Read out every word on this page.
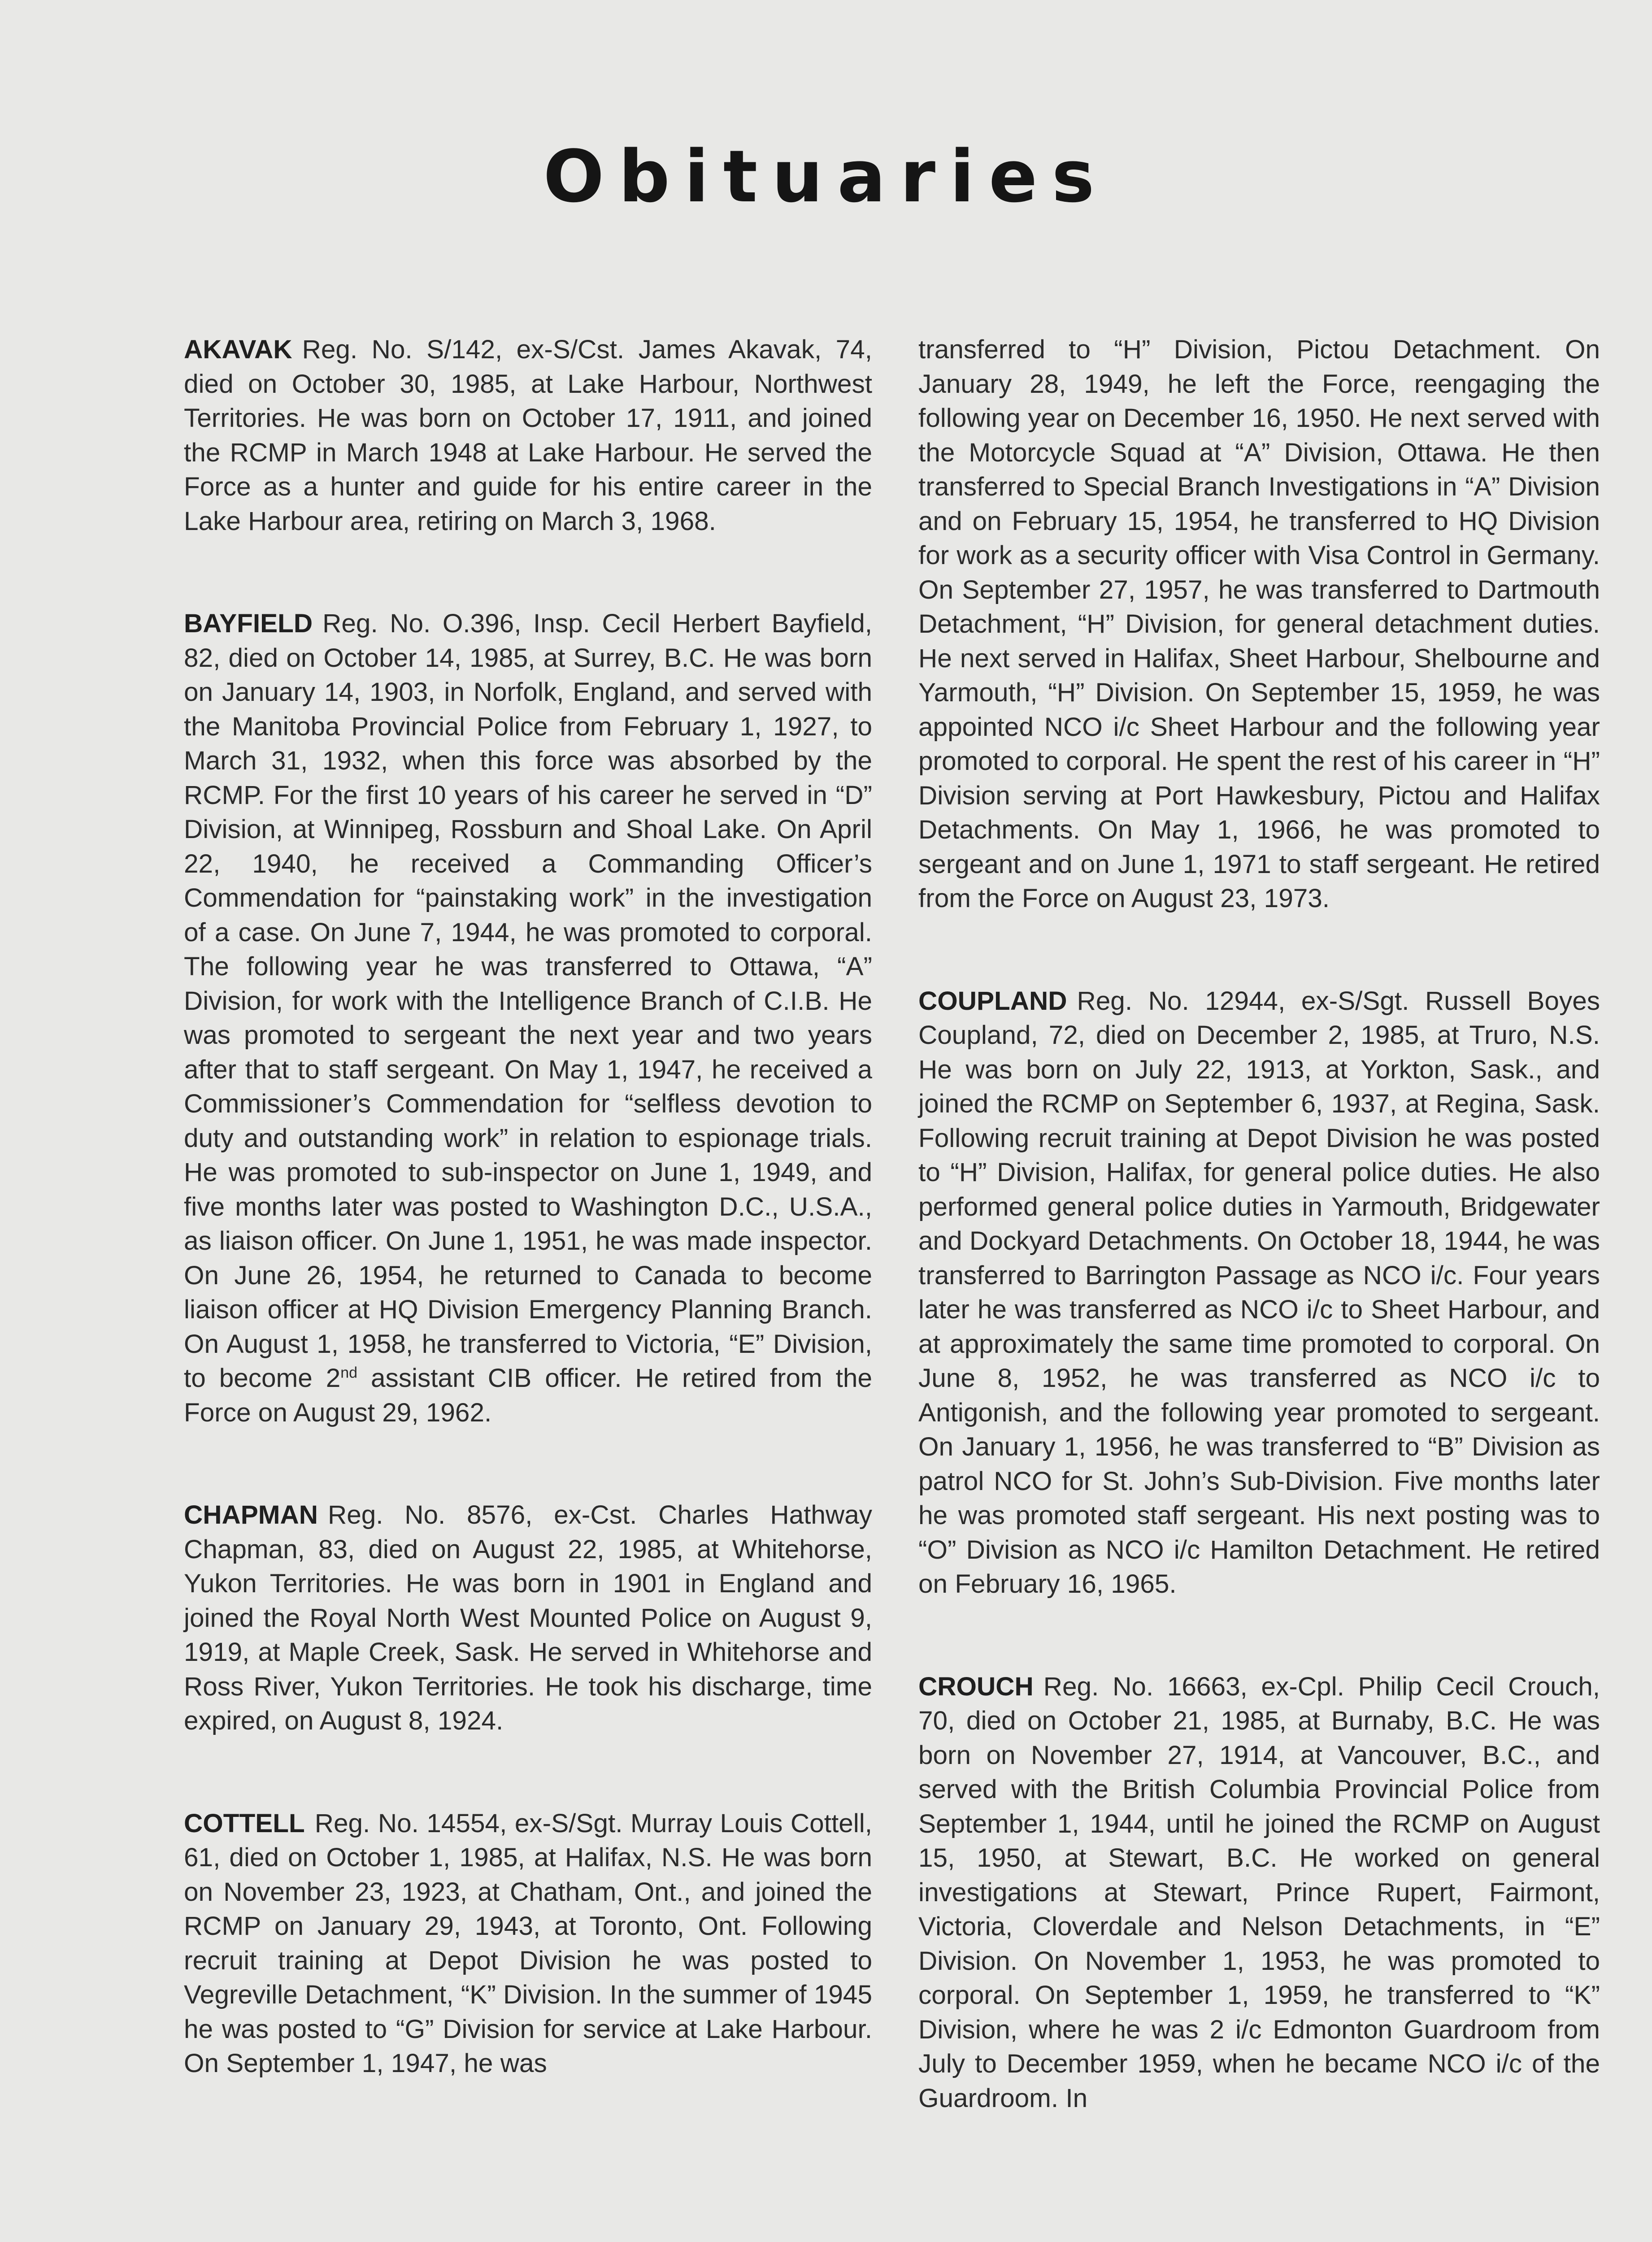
Obituaries

AKAVAK Reg. No. S/142, ex-S/Cst. James Akavak, 74, died on October 30, 1985, at Lake Harbour, Northwest Territories. He was born on October 17, 1911, and joined the RCMP in March 1948 at Lake Harbour. He served the Force as a hunter and guide for his entire career in the Lake Harbour area, retiring on March 3, 1968.

BAYFIELD Reg. No. O.396, Insp. Cecil Herbert Bayfield, 82, died on October 14, 1985, at Surrey, B.C. He was born on January 14, 1903, in Norfolk, England, and served with the Manitoba Provincial Police from February 1, 1927, to March 31, 1932, when this force was absorbed by the RCMP. For the first 10 years of his career he served in “D” Division, at Winnipeg, Rossburn and Shoal Lake. On April 22, 1940, he received a Commanding Officer’s Commendation for “painstaking work” in the investigation of a case. On June 7, 1944, he was promoted to corporal. The following year he was transferred to Ottawa, “A” Division, for work with the Intelligence Branch of C.I.B. He was promoted to sergeant the next year and two years after that to staff sergeant. On May 1, 1947, he received a Commissioner’s Commendation for “selfless devotion to duty and outstanding work” in relation to espionage trials. He was promoted to sub-inspector on June 1, 1949, and five months later was posted to Washington D.C., U.S.A., as liaison officer. On June 1, 1951, he was made inspector. On June 26, 1954, he returned to Canada to become liaison officer at HQ Division Emergency Planning Branch. On August 1, 1958, he transferred to Victoria, “E” Division, to become 2nd assistant CIB officer. He retired from the Force on August 29, 1962.

CHAPMAN Reg. No. 8576, ex-Cst. Charles Hathway Chapman, 83, died on August 22, 1985, at Whitehorse, Yukon Territories. He was born in 1901 in England and joined the Royal North West Mounted Police on August 9, 1919, at Maple Creek, Sask. He served in Whitehorse and Ross River, Yukon Territories. He took his discharge, time expired, on August 8, 1924.

COTTELL Reg. No. 14554, ex-S/Sgt. Murray Louis Cottell, 61, died on October 1, 1985, at Halifax, N.S. He was born on November 23, 1923, at Chatham, Ont., and joined the RCMP on January 29, 1943, at Toronto, Ont. Following recruit training at Depot Division he was posted to Vegreville Detachment, “K” Division. In the summer of 1945 he was posted to “G” Division for service at Lake Harbour. On September 1, 1947, he was

transferred to “H” Division, Pictou Detachment. On January 28, 1949, he left the Force, reengaging the following year on December 16, 1950. He next served with the Motorcycle Squad at “A” Division, Ottawa. He then transferred to Special Branch Investigations in “A” Division and on February 15, 1954, he transferred to HQ Division for work as a security officer with Visa Control in Germany. On September 27, 1957, he was transferred to Dartmouth Detachment, “H” Division, for general detachment duties. He next served in Halifax, Sheet Harbour, Shelbourne and Yarmouth, “H” Division. On September 15, 1959, he was appointed NCO i/c Sheet Harbour and the following year promoted to corporal. He spent the rest of his career in “H” Division serving at Port Hawkesbury, Pictou and Halifax Detachments. On May 1, 1966, he was promoted to sergeant and on June 1, 1971 to staff sergeant. He retired from the Force on August 23, 1973.

COUPLAND Reg. No. 12944, ex-S/Sgt. Russell Boyes Coupland, 72, died on December 2, 1985, at Truro, N.S. He was born on July 22, 1913, at Yorkton, Sask., and joined the RCMP on September 6, 1937, at Regina, Sask. Following recruit training at Depot Division he was posted to “H” Division, Halifax, for general police duties. He also performed general police duties in Yarmouth, Bridgewater and Dockyard Detachments. On October 18, 1944, he was transferred to Barrington Passage as NCO i/c. Four years later he was transferred as NCO i/c to Sheet Harbour, and at approximately the same time promoted to corporal. On June 8, 1952, he was transferred as NCO i/c to Antigonish, and the following year promoted to sergeant. On January 1, 1956, he was transferred to “B” Division as patrol NCO for St. John’s Sub-Division. Five months later he was promoted staff sergeant. His next posting was to “O” Division as NCO i/c Hamilton Detachment. He retired on February 16, 1965.

CROUCH Reg. No. 16663, ex-Cpl. Philip Cecil Crouch, 70, died on October 21, 1985, at Burnaby, B.C. He was born on November 27, 1914, at Vancouver, B.C., and served with the British Columbia Provincial Police from September 1, 1944, until he joined the RCMP on August 15, 1950, at Stewart, B.C. He worked on general investigations at Stewart, Prince Rupert, Fairmont, Victoria, Cloverdale and Nelson Detachments, in “E” Division. On November 1, 1953, he was promoted to corporal. On September 1, 1959, he transferred to “K” Division, where he was 2 i/c Edmonton Guardroom from July to December 1959, when he became NCO i/c of the Guardroom. In
